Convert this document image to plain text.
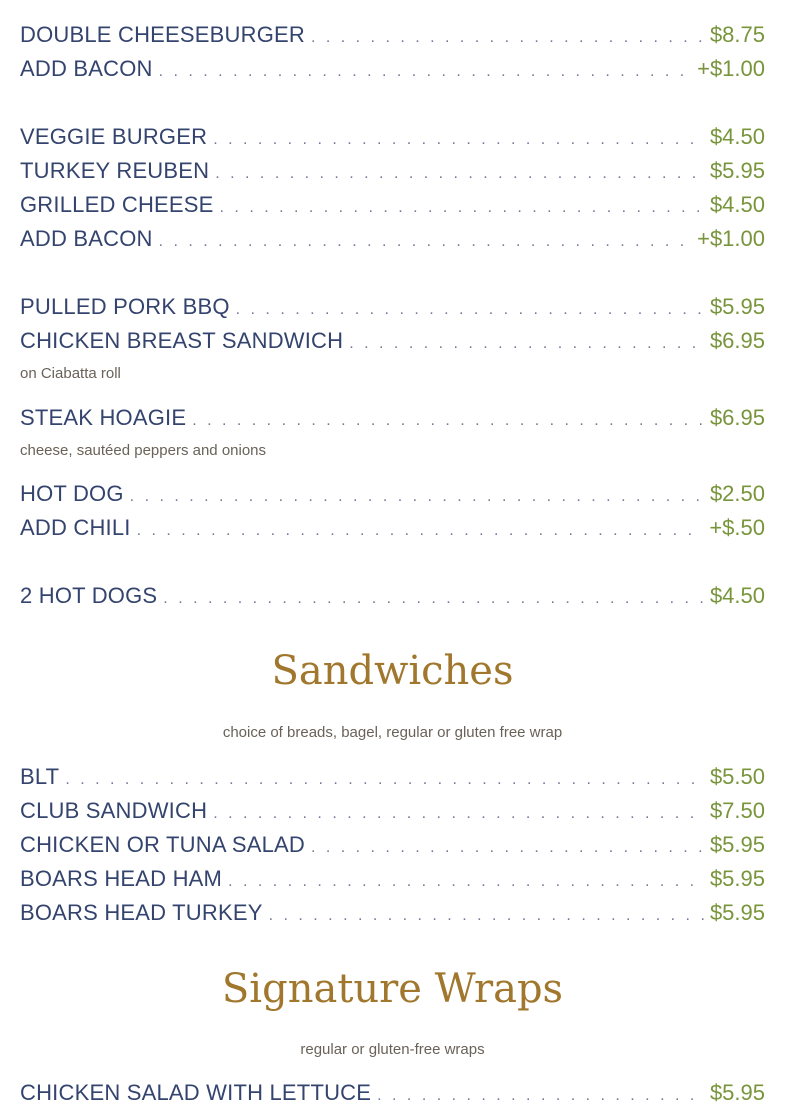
DOUBLE CHEESEBURGER . . .	$8.75
ADD BACON . . .	+$1.00
VEGGIE BURGER . . .	$4.50
TURKEY REUBEN . . .	$5.95
GRILLED CHEESE . . .	$4.50
ADD BACON . . .	+$1.00
PULLED PORK BBQ . . .	$5.95
CHICKEN BREAST SANDWICH . . .	$6.95
on Ciabatta roll
STEAK HOAGIE . . .	$6.95
cheese, sautéed peppers and onions
HOT DOG . . .	$2.50
ADD CHILI . . .	+$.50
2 HOT DOGS . . .	$4.50
Sandwiches
choice of breads, bagel, regular or gluten free wrap
BLT . . .	$5.50
CLUB SANDWICH . . .	$7.50
CHICKEN OR TUNA SALAD . . .	$5.95
BOARS HEAD HAM . . .	$5.95
BOARS HEAD TURKEY . . .	$5.95
Signature Wraps
regular or gluten-free wraps
CHICKEN SALAD WITH LETTUCE . . .	$5.95
